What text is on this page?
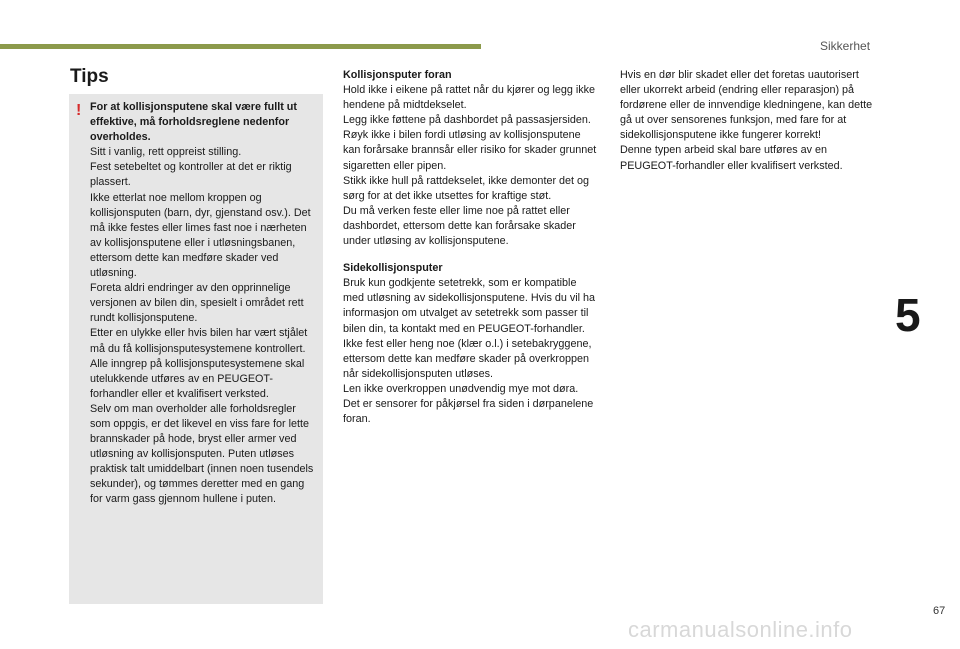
Sikkerhet
5
Tips
! For at kollisjonsputene skal være fullt ut effektive, må forholdsreglene nedenfor overholdes.

Sitt i vanlig, rett oppreist stilling.
Fest setebeltet og kontroller at det er riktig plassert.
Ikke etterlat noe mellom kroppen og kollisjonsputen (barn, dyr, gjenstand osv.). Det må ikke festes eller limes fast noe i nærheten av kollisjonsputene eller i utløsningsbanen, ettersom dette kan medføre skader ved utløsning.
Foreta aldri endringer av den opprinnelige versjonen av bilen din, spesielt i området rett rundt kollisjonsputene.
Etter en ulykke eller hvis bilen har vært stjålet må du få kollisjonsputesystemene kontrollert.
Alle inngrep på kollisjonsputesystemene skal utelukkende utføres av en PEUGEOT-forhandler eller et kvalifisert verksted.
Selv om man overholder alle forholdsregler som oppgis, er det likevel en viss fare for lette brannskader på hode, bryst eller armer ved utløsning av kollisjonsputen. Puten utløses praktisk talt umiddelbart (innen noen tusendels sekunder), og tømmes deretter med en gang for varm gass gjennom hullene i puten.

Kollisjonsputer foran

Hold ikke i eikene på rattet når du kjører og legg ikke hendene på midtdekselet.
Legg ikke føttene på dashbordet på passasjersiden.
Røyk ikke i bilen fordi utløsing av kollisjonsputene kan forårsake brannsår eller risiko for skader grunnet sigaretten eller pipen.
Stikk ikke hull på rattdekselet, ikke demonter det og sørg for at det ikke utsettes for kraftige støt.
Du må verken feste eller lime noe på rattet eller dashbordet, ettersom dette kan forårsake skader under utløsing av kollisjonsputene.

Sidekollisjonsputer

Bruk kun godkjente setetrekk, som er kompatible med utløsning av sidekollisjonsputene. Hvis du vil ha informasjon om utvalget av setetrekk som passer til bilen din, ta kontakt med en PEUGEOT-forhandler.
Ikke fest eller heng noe (klær o.l.) i setebakryggene, ettersom dette kan medføre skader på overkroppen når sidekollisjonsputen utløses.
Len ikke overkroppen unødvendig mye mot døra.
Det er sensorer for påkjørsel fra siden i dørpanelene foran.

Hvis en dør blir skadet eller det foretas uautorisert eller ukorrekt arbeid (endring eller reparasjon) på fordørene eller de innvendige kledningene, kan dette gå ut over sensorenes funksjon, med fare for at sidekollisjonsputene ikke fungerer korrekt!
Denne typen arbeid skal bare utføres av en PEUGEOT-forhandler eller kvalifisert verksted.

67
carmanualsonline.info
